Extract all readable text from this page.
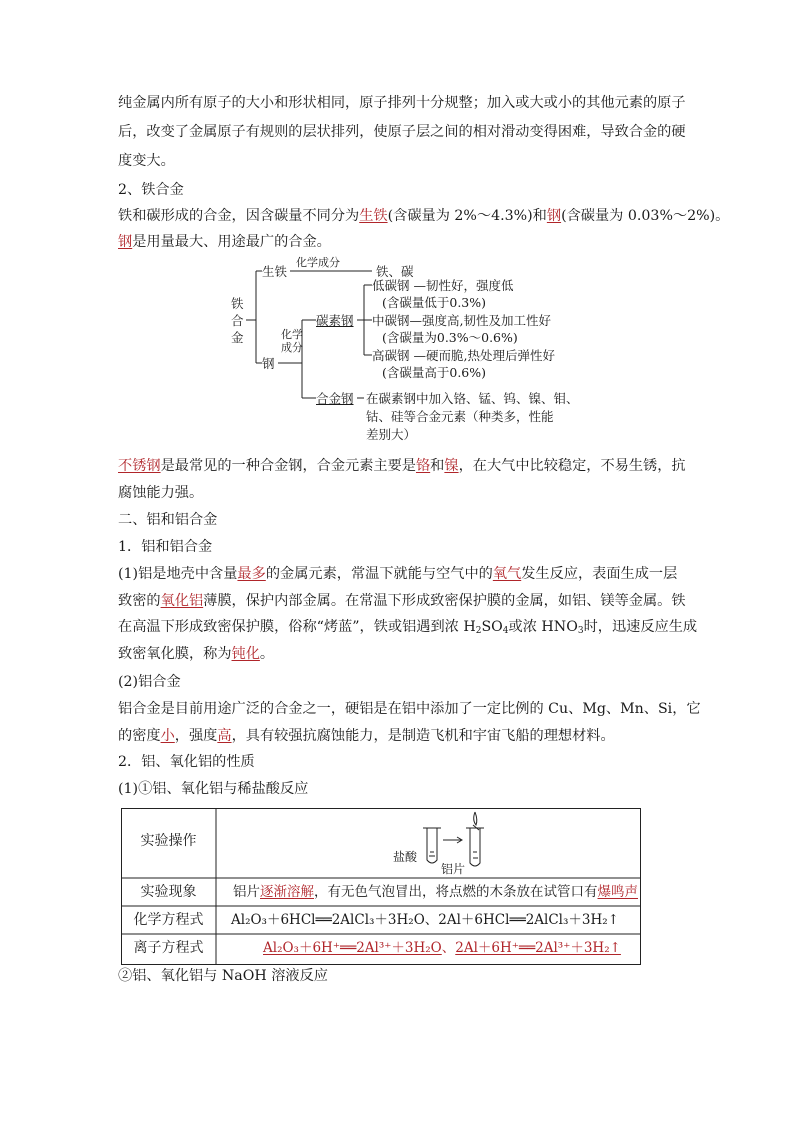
纯金属内所有原子的大小和形状相同，原子排列十分规整；加入或大或小的其他元素的原子
后，改变了金属原子有规则的层状排列，使原子层之间的相对滑动变得困难，导致合金的硬
度变大。
2、铁合金
铁和碳形成的合金，因含碳量不同分为生铁(含碳量为 2%～4.3%)和钢(含碳量为 0.03%～2%)。
钢是用量最大、用途最广的合金。
铁
合
金
生铁
化学成分
铁、碳
钢
化学
成分
碳素钢
合金钢
低碳钢 —韧性好，强度低
(含碳量低于0.3%)
中碳钢—强度高,韧性及加工性好
(含碳量为0.3%～0.6%)
高碳钢 —硬而脆,热处理后弹性好
(含碳量高于0.6%)
在碳素钢中加入铬、锰、钨、镍、钼、
钴、硅等合金元素（种类多，性能
差别大）
不锈钢是最常见的一种合金钢，合金元素主要是铬和镍，在大气中比较稳定，不易生锈，抗
腐蚀能力强。
二、铝和铝合金
1．铝和铝合金
(1)铝是地壳中含量最多的金属元素，常温下就能与空气中的氧气发生反应，表面生成一层
致密的氧化铝薄膜，保护内部金属。在常温下形成致密保护膜的金属，如铝、镁等金属。铁
在高温下形成致密保护膜，俗称“烤蓝”，铁或铝遇到浓 $H_2SO_4$或浓 $HNO_3$时，迅速反应生成
致密氧化膜，称为钝化。
(2)铝合金
铝合金是目前用途广泛的合金之一，硬铝是在铝中添加了一定比例的 Cu、Mg、Mn、Si，它
的密度小，强度高，具有较强抗腐蚀能力，是制造飞机和宇宙飞船的理想材料。
2．铝、氧化铝的性质
(1)①铝、氧化铝与稀盐酸反应
实验操作
盐酸
铝片
实验现象	铝片逐渐溶解，有无色气泡冒出，将点燃的木条放在试管口有爆鸣声
化学方程式	Al₂O₃＋6HCl══2AlCl₃＋3H₂O、2Al＋6HCl══2AlCl₃＋3H₂↑
离子方程式	Al₂O₃＋6H⁺══2Al³⁺＋3H₂O、2Al＋6H⁺══2Al³⁺＋3H₂↑
②铝、氧化铝与 NaOH 溶液反应
